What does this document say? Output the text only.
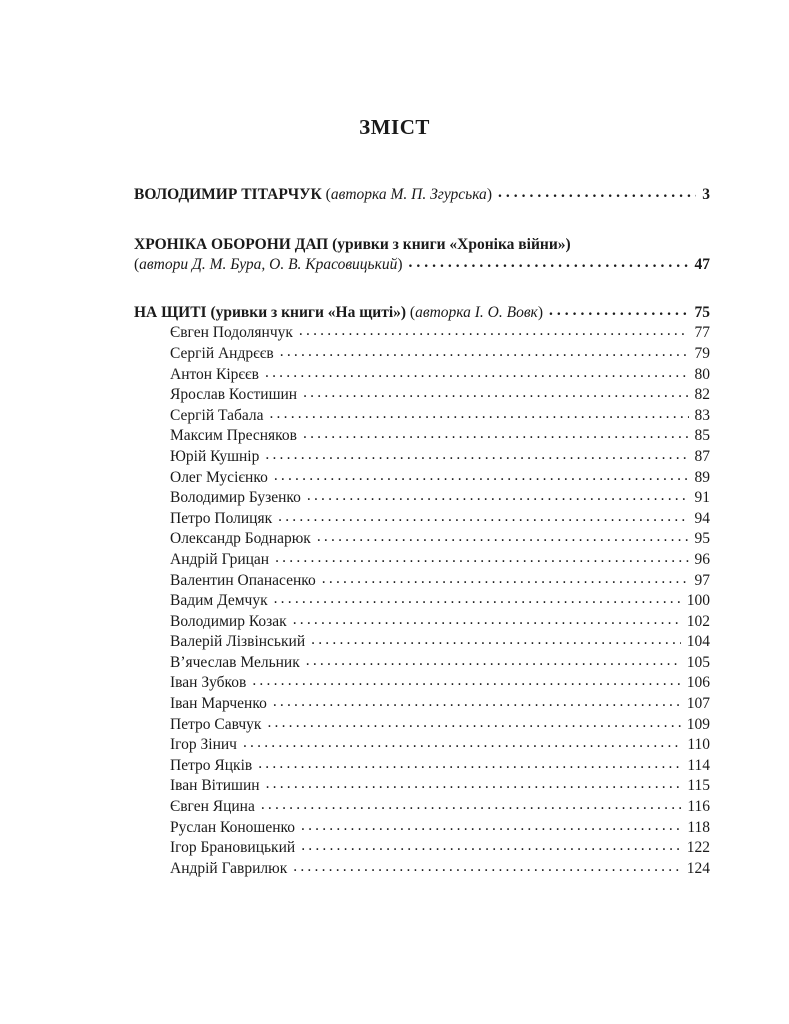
ЗМІСТ
ВОЛОДИМИР ТІТАРЧУК (авторка М. П. Згурська) .....	3
ХРОНІКА ОБОРОНИ ДАП (уривки з книги «Хроніка війни»)
(автори Д. М. Бура, О. В. Красовицький) .....	47
НА ЩИТІ (уривки з книги «На щиті») (авторка І. О. Вовк) .....	75
Євген Подолянчук .....	77
Сергій Андрєєв .....	79
Антон Кірєєв .....	80
Ярослав Костишин .....	82
Сергій Табала .....	83
Максим Пресняков .....	85
Юрій Кушнір .....	87
Олег Мусієнко .....	89
Володимир Бузенко .....	91
Петро Полицяк .....	94
Олександр Боднарюк .....	95
Андрій Грицан .....	96
Валентин Опанасенко .....	97
Вадим Демчук .....	100
Володимир Козак .....	102
Валерій Лізвінський .....	104
В’ячеслав Мельник .....	105
Іван Зубков .....	106
Іван Марченко .....	107
Петро Савчук .....	109
Ігор Зінич .....	110
Петро Яцків .....	114
Іван Вітишин .....	115
Євген Яцина .....	116
Руслан Коношенко .....	118
Ігор Брановицький .....	122
Андрій Гаврилюк .....	124
